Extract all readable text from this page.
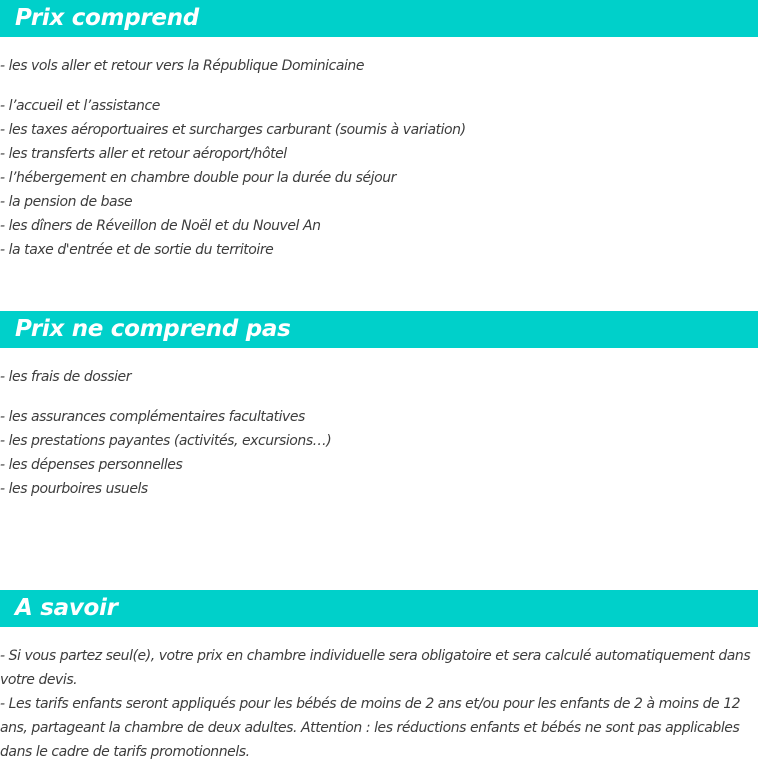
Prix comprend
- les vols aller et retour vers la République Dominicaine
- l’accueil et l’assistance
- les taxes aéroportuaires et surcharges carburant (soumis à variation)
- les transferts aller et retour aéroport/hôtel
- l’hébergement en chambre double pour la durée du séjour
- la pension de base
- les dîners de Réveillon de Noël et du Nouvel An
- la taxe d'entrée et de sortie du territoire
Prix ne comprend pas
- les frais de dossier
- les assurances complémentaires facultatives
- les prestations payantes (activités, excursions…)
- les dépenses personnelles
- les pourboires usuels
A savoir

- Si vous partez seul(e), votre prix en chambre individuelle sera obligatoire et sera calculé automatiquement dans votre devis.

- Les tarifs enfants seront appliqués pour les bébés de moins de 2 ans et/ou pour les enfants de 2 à moins de 12 ans, partageant la chambre de deux adultes. Attention : les réductions enfants et bébés ne sont pas applicables dans le cadre de tarifs promotionnels.
